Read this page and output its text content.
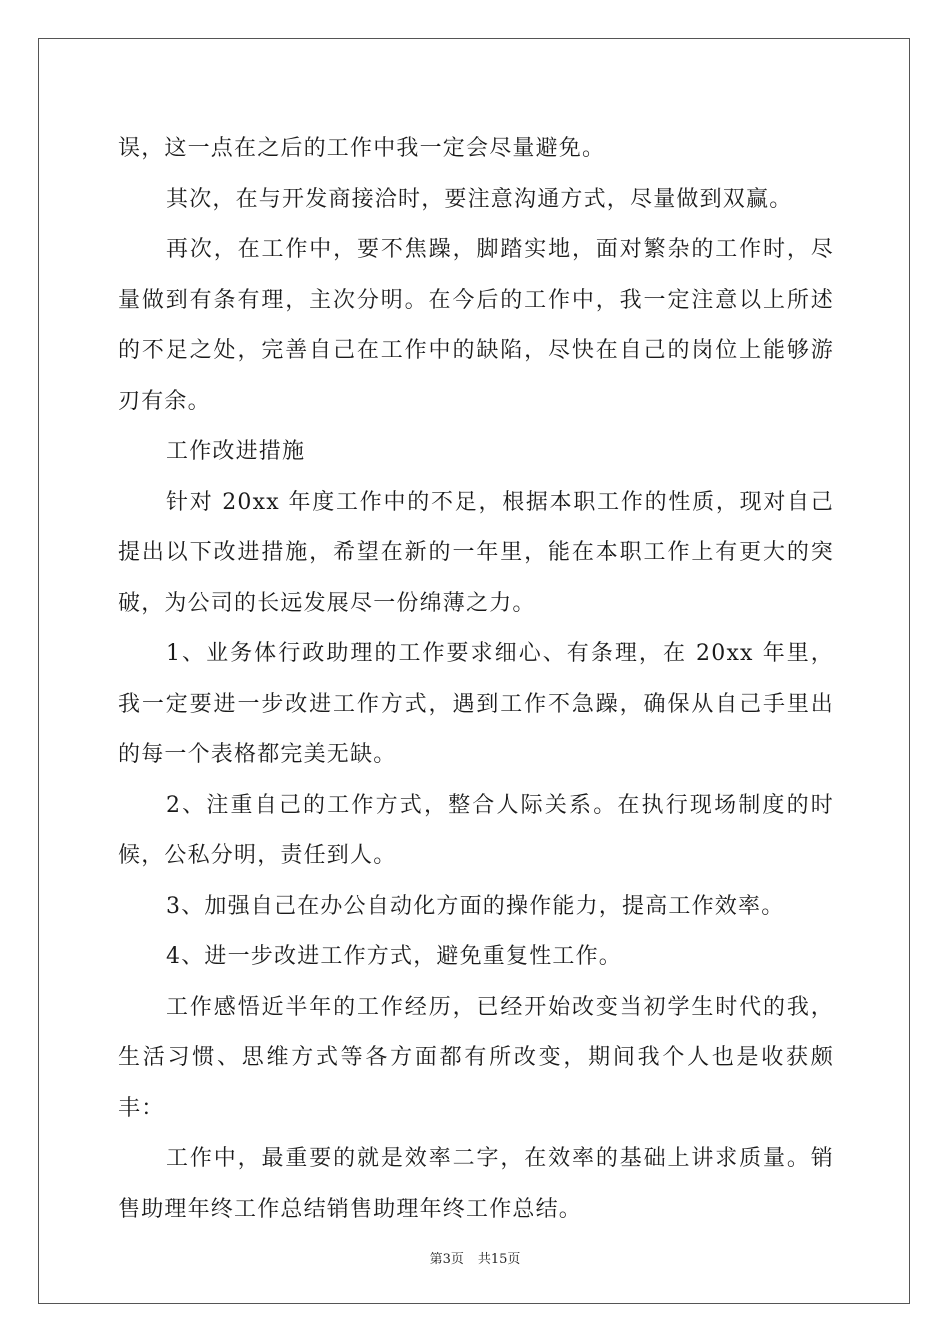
误，这一点在之后的工作中我一定会尽量避免。

其次，在与开发商接洽时，要注意沟通方式，尽量做到双赢。

再次，在工作中，要不焦躁，脚踏实地，面对繁杂的工作时，尽量做到有条有理，主次分明。在今后的工作中，我一定注意以上所述的不足之处，完善自己在工作中的缺陷，尽快在自己的岗位上能够游刃有余。

工作改进措施

针对 20xx 年度工作中的不足，根据本职工作的性质，现对自己提出以下改进措施，希望在新的一年里，能在本职工作上有更大的突破，为公司的长远发展尽一份绵薄之力。

1、业务体行政助理的工作要求细心、有条理，在 20xx 年里，我一定要进一步改进工作方式，遇到工作不急躁，确保从自己手里出的每一个表格都完美无缺。

2、注重自己的工作方式，整合人际关系。在执行现场制度的时候，公私分明，责任到人。

3、加强自己在办公自动化方面的操作能力，提高工作效率。

4、进一步改进工作方式，避免重复性工作。

工作感悟近半年的工作经历，已经开始改变当初学生时代的我，生活习惯、思维方式等各方面都有所改变，期间我个人也是收获颇丰：

工作中，最重要的就是效率二字，在效率的基础上讲求质量。销售助理年终工作总结销售助理年终工作总结。

第3页 共15页
